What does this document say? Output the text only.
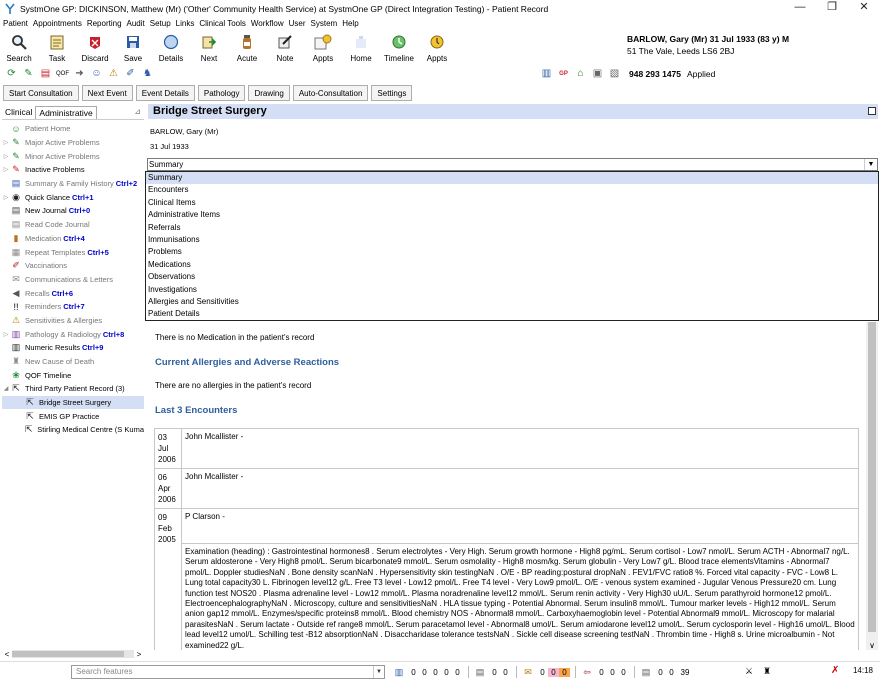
SystmOne GP: DICKINSON, Matthew (Mr) ('Other' Community Health Service) at SystmOne GP (Direct Integration Testing) - Patient Record	—	❐	✕
Patient Appointments Reporting Audit Setup Links Clinical Tools Workflow User System Help
Search Task Discard Save Details Next Acute Note Appts Home Timeline Appts
BARLOW, Gary (Mr) 31 Jul 1933 (83 y) M
51 The Vale, Leeds LS6 2BJ
⟳ ✎ ▤ QOF ➜ ☺ ⚠ ✐ ♞	▥	GP ⌂ ▣ ▧	948 293 1475 Applied
Start Consultation	Next Event	Event Details	Pathology	Drawing	Auto-Consultation	Settings
Clinical Administrative	⊿
☺ Patient Home
▷ ✎ Major Active Problems
▷ ✎ Minor Active Problems
▷ ✎ Inactive Problems
▤ Summary & Family History Ctrl+2
▷ ◉ Quick Glance Ctrl+1
▤ New Journal Ctrl+0
▤ Read Code Journal
▮ Medication Ctrl+4
▦ Repeat Templates Ctrl+5
✐ Vaccinations
✉ Communications & Letters
◀ Recalls Ctrl+6
!! Reminders Ctrl+7
⚠ Sensitivities & Allergies
▷ ▥ Pathology & Radiology Ctrl+8
▥ Numeric Results Ctrl+9
♜ New Cause of Death
❀ QOF Timeline
◢ ⇱ Third Party Patient Record (3)
⇱ Bridge Street Surgery
⇱ EMIS GP Practice
⇱ Stirling Medical Centre (S Kuma
<	>
Bridge Street Surgery
BARLOW, Gary (Mr)
31 Jul 1933
Summary	▼
Summary
Encounters
Clinical Items
Administrative Items
Referrals
Immunisations
Problems
Medications
Observations
Investigations
Allergies and Sensitivities
Patient Details
There is no Medication in the patient's record
Current Allergies and Adverse Reactions
There are no allergies in the patient's record
Last 3 Encounters
03
Jul
2006	John Mcallister -

06
Apr
2006	John Mcallister -

09
Feb
2005	P Clarson -
	Examination (heading) : Gastrointestinal hormones8 . Serum electrolytes - Very High. Serum growth hormone - High8 pg/mL. Serum cortisol - Low7 nmol/L. Serum ACTH - Abnormal7 ng/L. Serum aldosterone - Very High8 pmol/L. Serum bicarbonate9 mmol/L. Serum osmolality - High8 mosm/kg. Serum globulin - Very Low7 g/L. Blood trace elementsVitamins - Abnormal7 pmol/L. Doppler studiesNaN . Bone density scanNaN . Hypersensitivity skin testingNaN . O/E - BP reading:postural dropNaN . FEV1/FVC ratio8 %. Forced vital capacity - FVC - Low8 L. Lung total capacity30 L. Fibrinogen level12 g/L. Free T3 level - Low12 pmol/L. Free T4 level - Very Low9 pmol/L. O/E - venous system examined - Jugular Venous Pressure20 cm. Lung function test NOS20 . Plasma adrenaline level - Low12 mmol/L. Plasma noradrenaline level12 mmol/L. Serum renin activity - Very High30 uU/L. Serum parathyroid hormone12 pmol/L. ElectroencephalographyNaN . Microscopy, culture and sensitivitiesNaN . HLA tissue typing - Potential Abnormal. Serum insulin8 mmol/L. Tumour marker levels - High12 mmol/L. Serum anion gap12 mmol/L. Enzymes/specific proteins8 mmol/L. Blood chemistry NOS - Abnormal8 mmol/L. Carboxyhaemoglobin level - Potential Abnormal9 mmol/L. Microscopy for malarial parasitesNaN . Serum lactate - Outside ref range8 mmol/L. Serum paracetamol level - Abnormal8 umol/L. Serum amiodarone level12 umol/L. Serum cyclosporin level - High16 umol/L. Blood lead level12 umol/L. Schilling test -B12 absorptionNaN . Disaccharidase tolerance testsNaN . Sickle cell disease screening testNaN . Thrombin time - High8 s. Urine microalbumin - Not examined22 g/L.	∨
Search features	▼ ▥	0 0 0 0 0	▤	0 0	✉	0 0 0	⇦	0 0 0	▤	0 0 39	⚔	♜	✗ 14:18
